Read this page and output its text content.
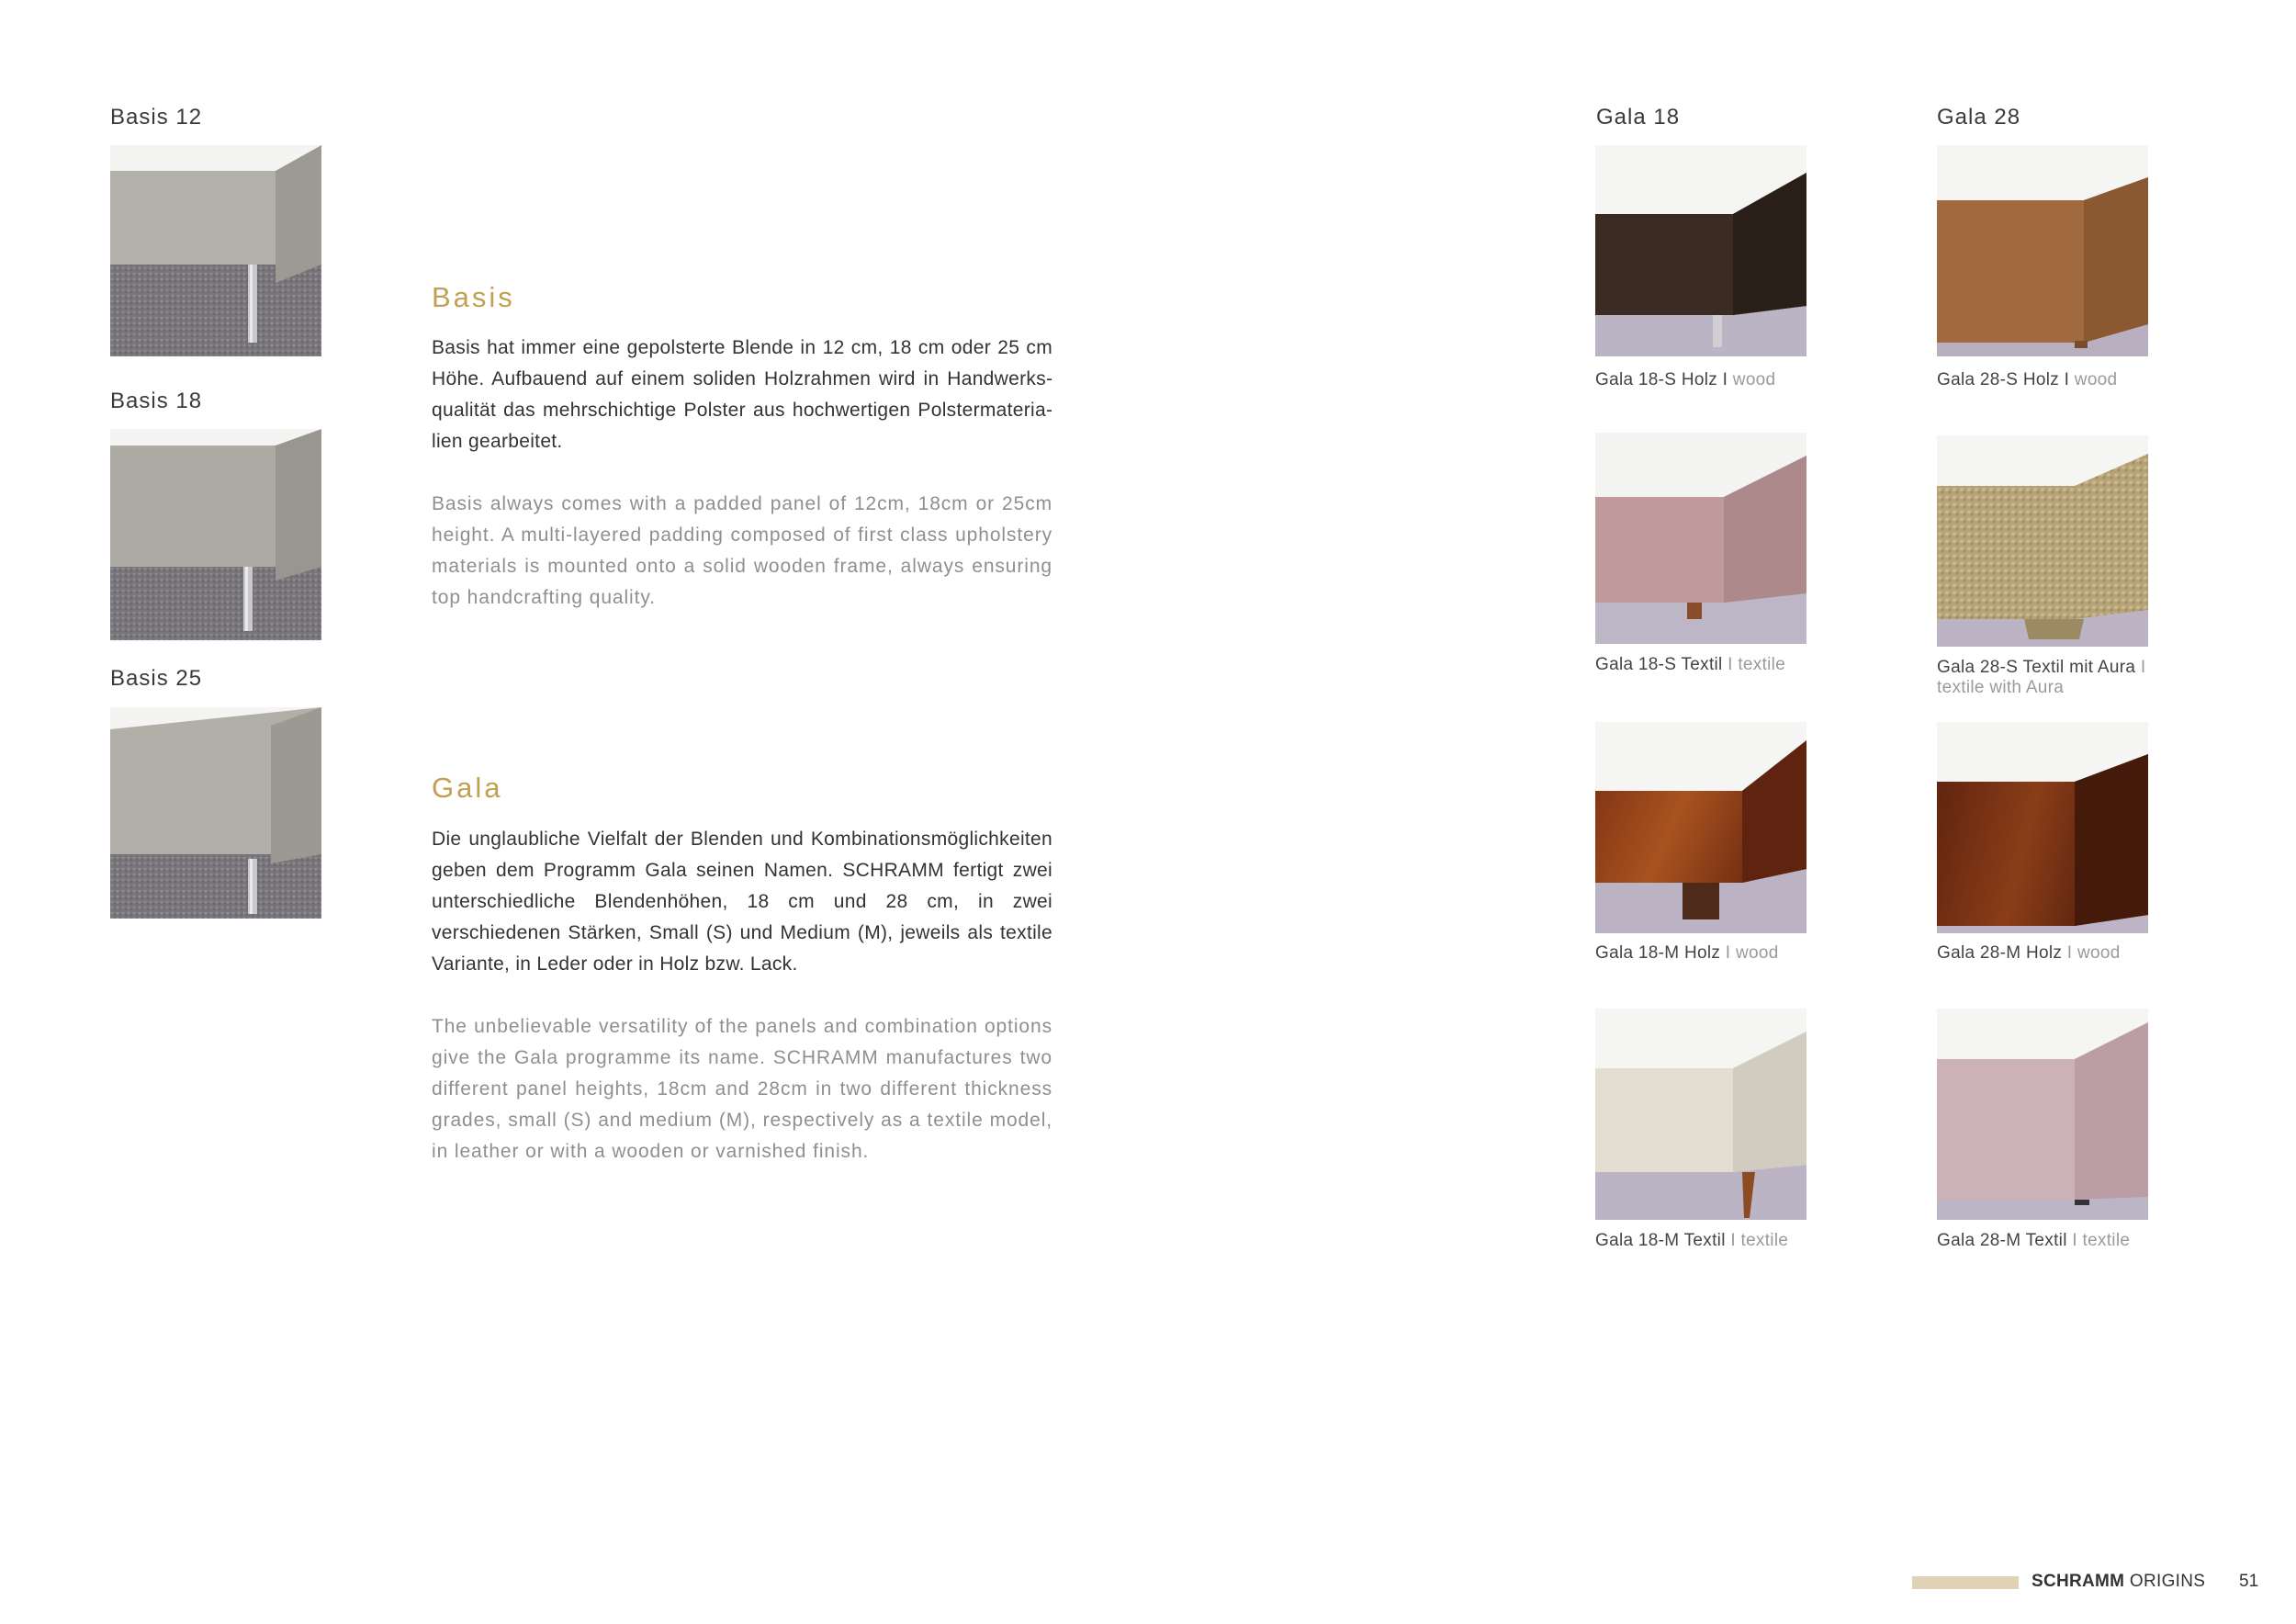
Basis 12
Basis 18
Basis 25
Basis
Basis hat immer eine gepolsterte Blende in 12 cm, 18 cm oder 25 cm Höhe. Aufbauend auf einem soliden Holzrahmen wird in Handwerksqualität das mehrschichtige Polster aus hochwertigen Polstermaterialien gearbeitet.
Basis always comes with a padded panel of 12cm, 18cm or 25cm height. A multi-layered padding composed of first class upholstery materials is mounted onto a solid wooden frame, always ensuring top handcrafting quality.
Gala
Die unglaubliche Vielfalt der Blenden und Kombinationsmöglichkeiten geben dem Programm Gala seinen Namen. SCHRAMM fertigt zwei unterschiedliche Blendenhöhen, 18 cm und 28 cm, in zwei verschiedenen Stärken, Small (S) und Medium (M), jeweils als textile Variante, in Leder oder in Holz bzw. Lack.
The unbelievable versatility of the panels and combination options give the Gala programme its name. SCHRAMM manufactures two different panel heights, 18cm and 28cm in two different thickness grades, small (S) and medium (M), respectively as a textile model, in leather or with a wooden or varnished finish.
Gala 18	Gala 28
Gala 18-S Holz I wood	Gala 28-S Holz I wood
Gala 18-S Textil I textile	Gala 28-S Textil mit Aura I textile with Aura
Gala 18-M Holz I wood	Gala 28-M Holz I wood
Gala 18-M Textil I textile	Gala 28-M Textil I textile
SCHRAMM ORIGINS 51
